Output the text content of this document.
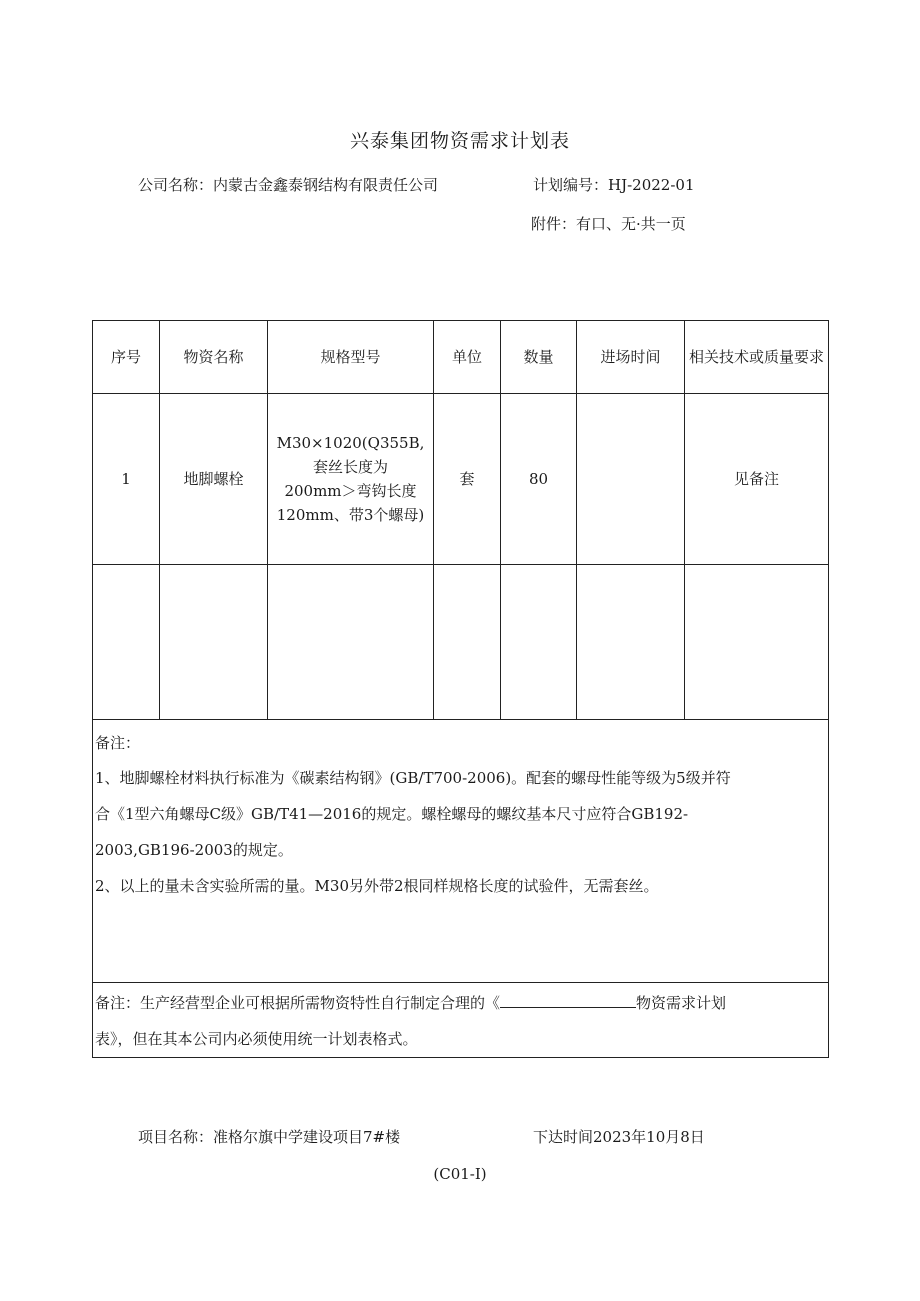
兴泰集团物资需求计划表
公司名称：内蒙古金鑫泰钢结构有限责任公司	计划编号：HJ-2022-01
附件：有口、无·共一页
序号	物资名称	规格型号	单位	数量	进场时间	相关技术或质量要求
1	地脚螺栓	M30×1020(Q355B,
套丝长度为
200mm＞弯钩长度
120mm、带3个螺母)	套	80		见备注

备注：
1、地脚螺栓材料执行标准为《碳素结构钢》(GB/T700-2006)。配套的螺母性能等级为5级并符
合《1型六角螺母C级》GB/T41—2016的规定。螺栓螺母的螺纹基本尺寸应符合GB192-
2003,GB196-2003的规定。
2、以上的量未含实验所需的量。M30另外带2根同样规格长度的试验件，无需套丝。						

备注：生产经营型企业可根据所需物资特性自行制定合理的《 物资需求计划
表》，但在其本公司内必须使用统一计划表格式。						
项目名称：准格尔旗中学建设项目7#楼	下达时间2023年10月8日
(C01-I)
